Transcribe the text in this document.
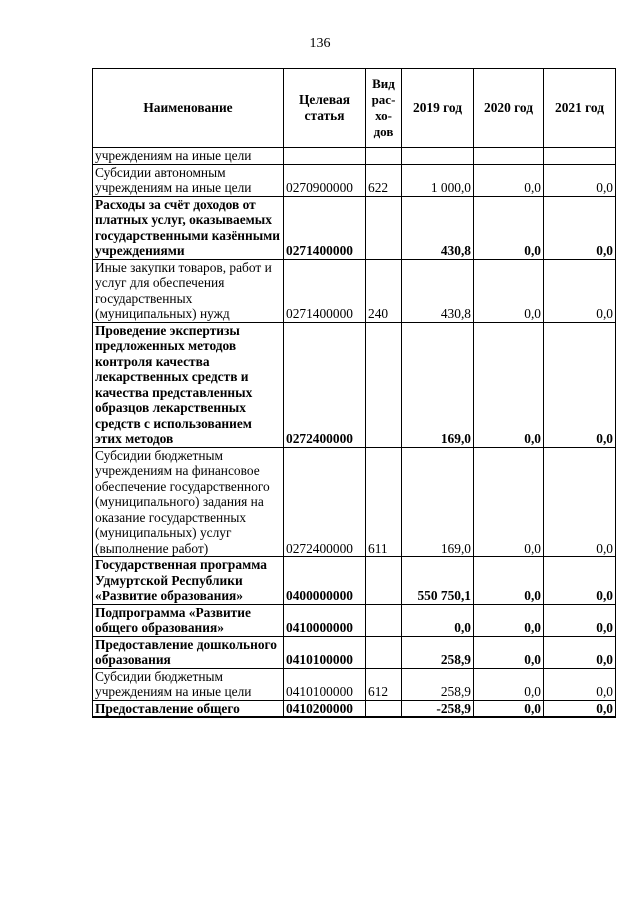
136
Наименование	Целевая статья	Вид рас-хо-дов	2019 год	2020 год	2021 год
учреждениям на иные цели					
Субсидии автономным учреждениям на иные цели	0270900000	622	1 000,0	0,0	0,0
Расходы за счёт доходов от платных услуг, оказываемых государственными казёнными учреждениями	0271400000		430,8	0,0	0,0
Иные закупки товаров, работ и услуг для обеспечения государственных (муниципальных) нужд	0271400000	240	430,8	0,0	0,0
Проведение экспертизы предложенных методов контроля качества лекарственных средств и качества представленных образцов лекарственных средств с использованием этих методов	0272400000		169,0	0,0	0,0
Субсидии бюджетным учреждениям на финансовое обеспечение государственного (муниципального) задания на оказание государственных (муниципальных) услуг (выполнение работ)	0272400000	611	169,0	0,0	0,0
Государственная программа Удмуртской Республики «Развитие образования»	0400000000		550 750,1	0,0	0,0
Подпрограмма «Развитие общего образования»	0410000000		0,0	0,0	0,0
Предоставление дошкольного образования	0410100000		258,9	0,0	0,0
Субсидии бюджетным учреждениям на иные цели	0410100000	612	258,9	0,0	0,0
Предоставление общего	0410200000		-258,9	0,0	0,0
